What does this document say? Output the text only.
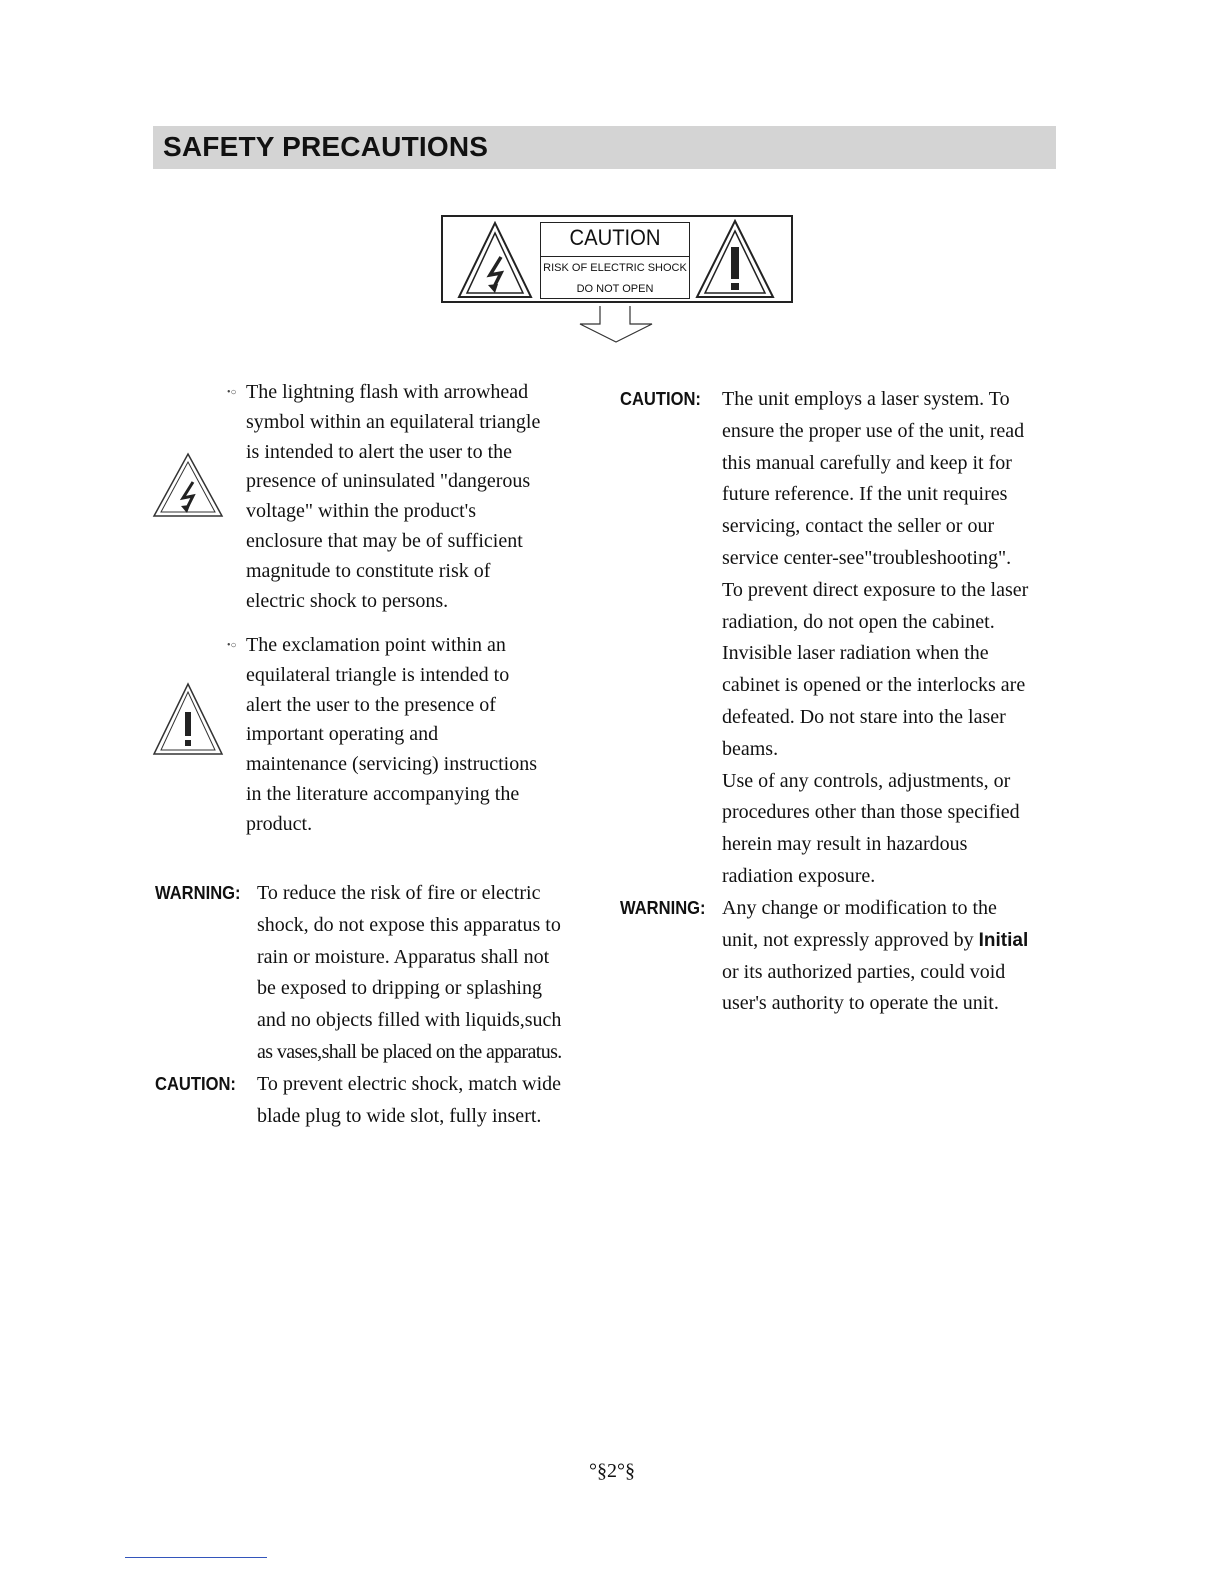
SAFETY PRECAUTIONS
CAUTION
RISK OF ELECTRIC SHOCK
DO NOT OPEN
•○ The lightning flash with arrowhead
symbol within an equilateral triangle
is intended to alert the user to the
presence of uninsulated "dangerous
voltage" within the product's
enclosure that may be of sufficient
magnitude to constitute risk of
electric shock to persons.
•○ The exclamation point within an
equilateral triangle is intended to
alert the user to the presence of
important operating and
maintenance (servicing) instructions
in the literature accompanying the
product.
WARNING: To reduce the risk of fire or electric
shock, do not expose this apparatus to
rain or moisture. Apparatus shall not
be exposed to dripping or splashing
and no objects filled with liquids,such
as vases,shall be placed on the apparatus.
CAUTION: To prevent electric shock, match wide
blade plug to wide slot, fully insert.
CAUTION: The unit employs a laser system. To
ensure the proper use of the unit, read
this manual carefully and keep it for
future reference. If the unit requires
servicing, contact the seller or our
service center-see"troubleshooting".
To prevent direct exposure to the laser
radiation, do not open the cabinet.
Invisible laser radiation when the
cabinet is opened or the interlocks are
defeated. Do not stare into the laser
beams.
Use of any controls, adjustments, or
procedures other than those specified
herein may result in hazardous
radiation exposure.
WARNING: Any change or modification to the
unit, not expressly approved by Initial
or its authorized parties, could void
user's authority to operate the unit.
°§2°§
